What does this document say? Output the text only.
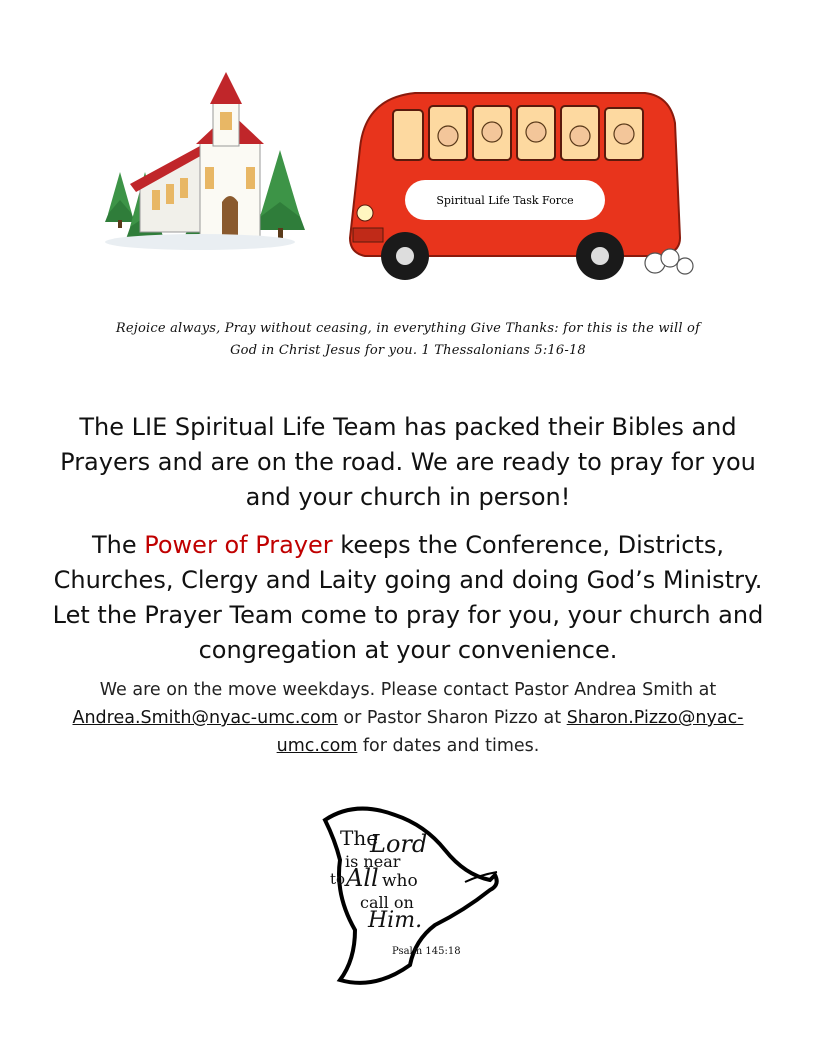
Spiritual Life Task Force
Rejoice always, Pray without ceasing, in everything Give Thanks: for this is the will of
God in Christ Jesus for you. 1 Thessalonians 5:16-18
The LIE Spiritual Life Team has packed their Bibles and Prayers and are on the road. We are ready to pray for you and your church in person!
The Power of Prayer keeps the Conference, Districts, Churches, Clergy and Laity going and doing God’s Ministry. Let the Prayer Team come to pray for you, your church and congregation at your convenience.
We are on the move weekdays. Please contact Pastor Andrea Smith at Andrea.Smith@nyac-umc.com or Pastor Sharon Pizzo at Sharon.Pizzo@nyac-umc.com for dates and times.
The
Lord
is near
to All who
call on
Him.
Psalm 145:18
